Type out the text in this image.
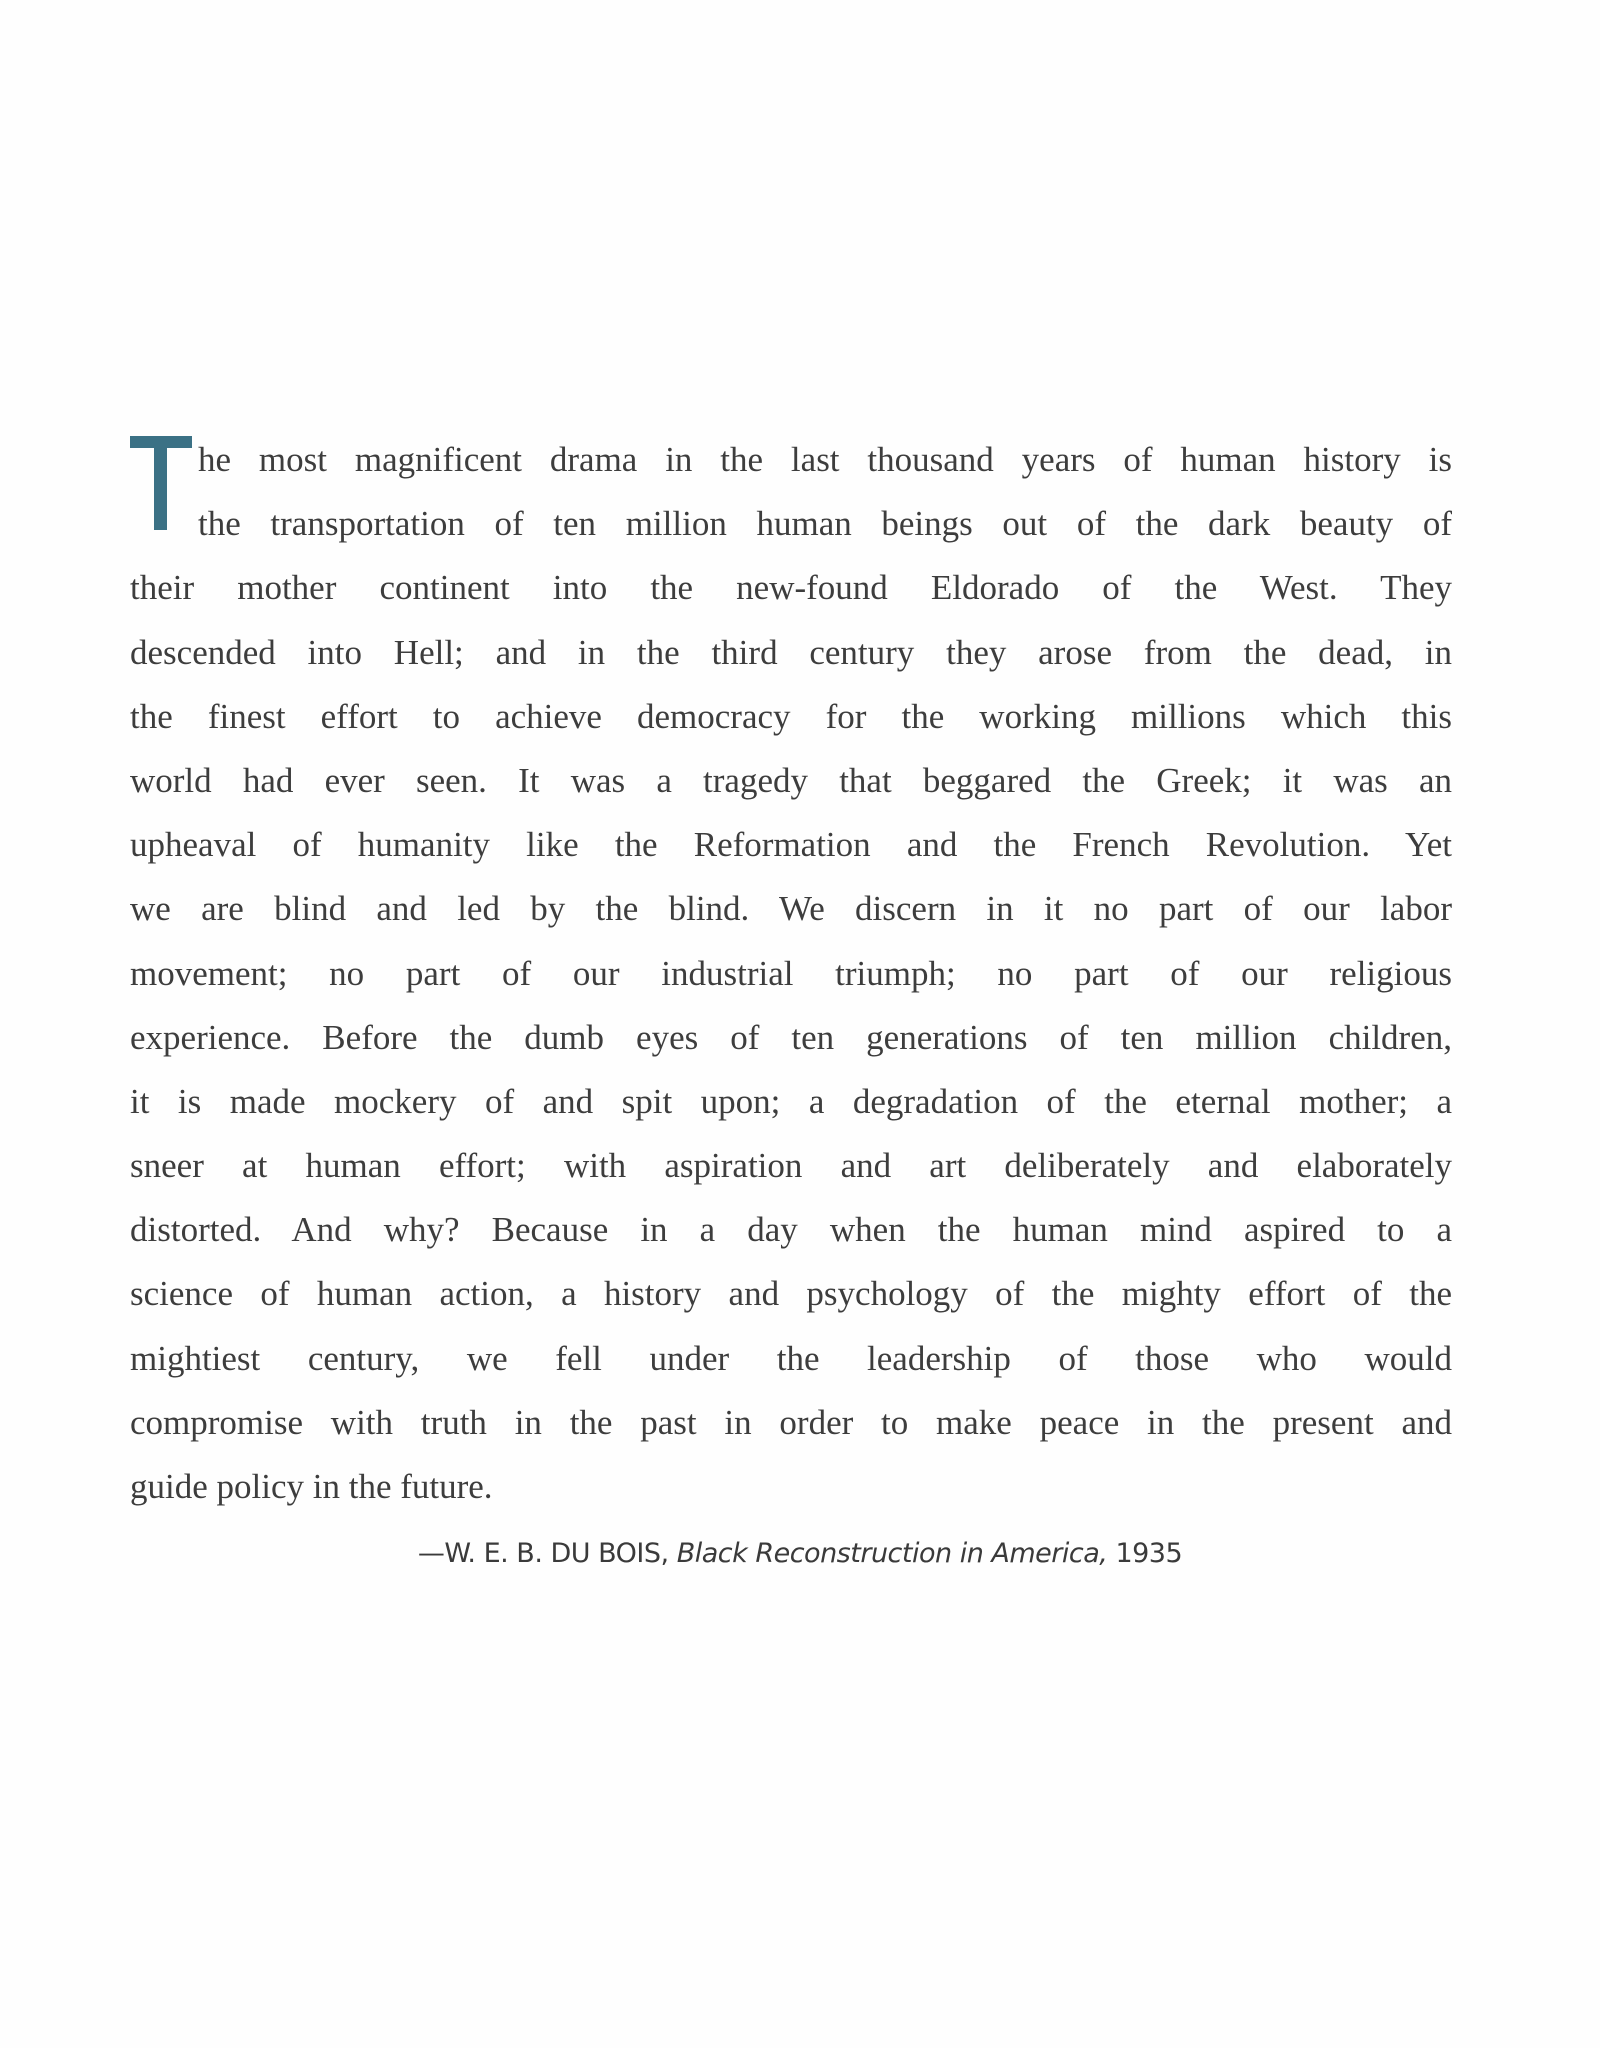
he most magnificent drama in the last thousand years of human history is
the transportation of ten million human beings out of the dark beauty of
their mother continent into the new-found Eldorado of the West. They
descended into Hell; and in the third century they arose from the dead, in
the finest effort to achieve democracy for the working millions which this
world had ever seen. It was a tragedy that beggared the Greek; it was an
upheaval of humanity like the Reformation and the French Revolution. Yet
we are blind and led by the blind. We discern in it no part of our labor
movement; no part of our industrial triumph; no part of our religious
experience. Before the dumb eyes of ten generations of ten million children,
it is made mockery of and spit upon; a degradation of the eternal mother; a
sneer at human effort; with aspiration and art deliberately and elaborately
distorted. And why? Because in a day when the human mind aspired to a
science of human action, a history and psychology of the mighty effort of the
mightiest century, we fell under the leadership of those who would
compromise with truth in the past in order to make peace in the present and
guide policy in the future.
—W. E. B. DU BOIS, Black Reconstruction in America, 1935
